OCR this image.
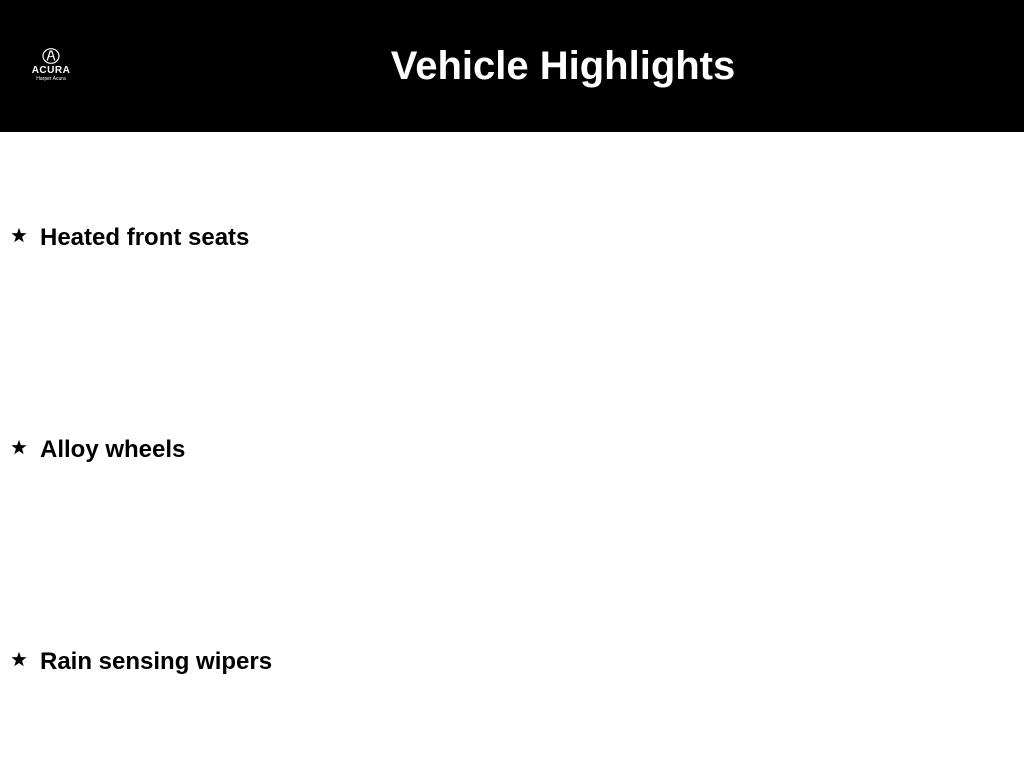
ACURA
Harper Acura	Vehicle Highlights
Heated front seats
Alloy wheels
Rain sensing wipers
